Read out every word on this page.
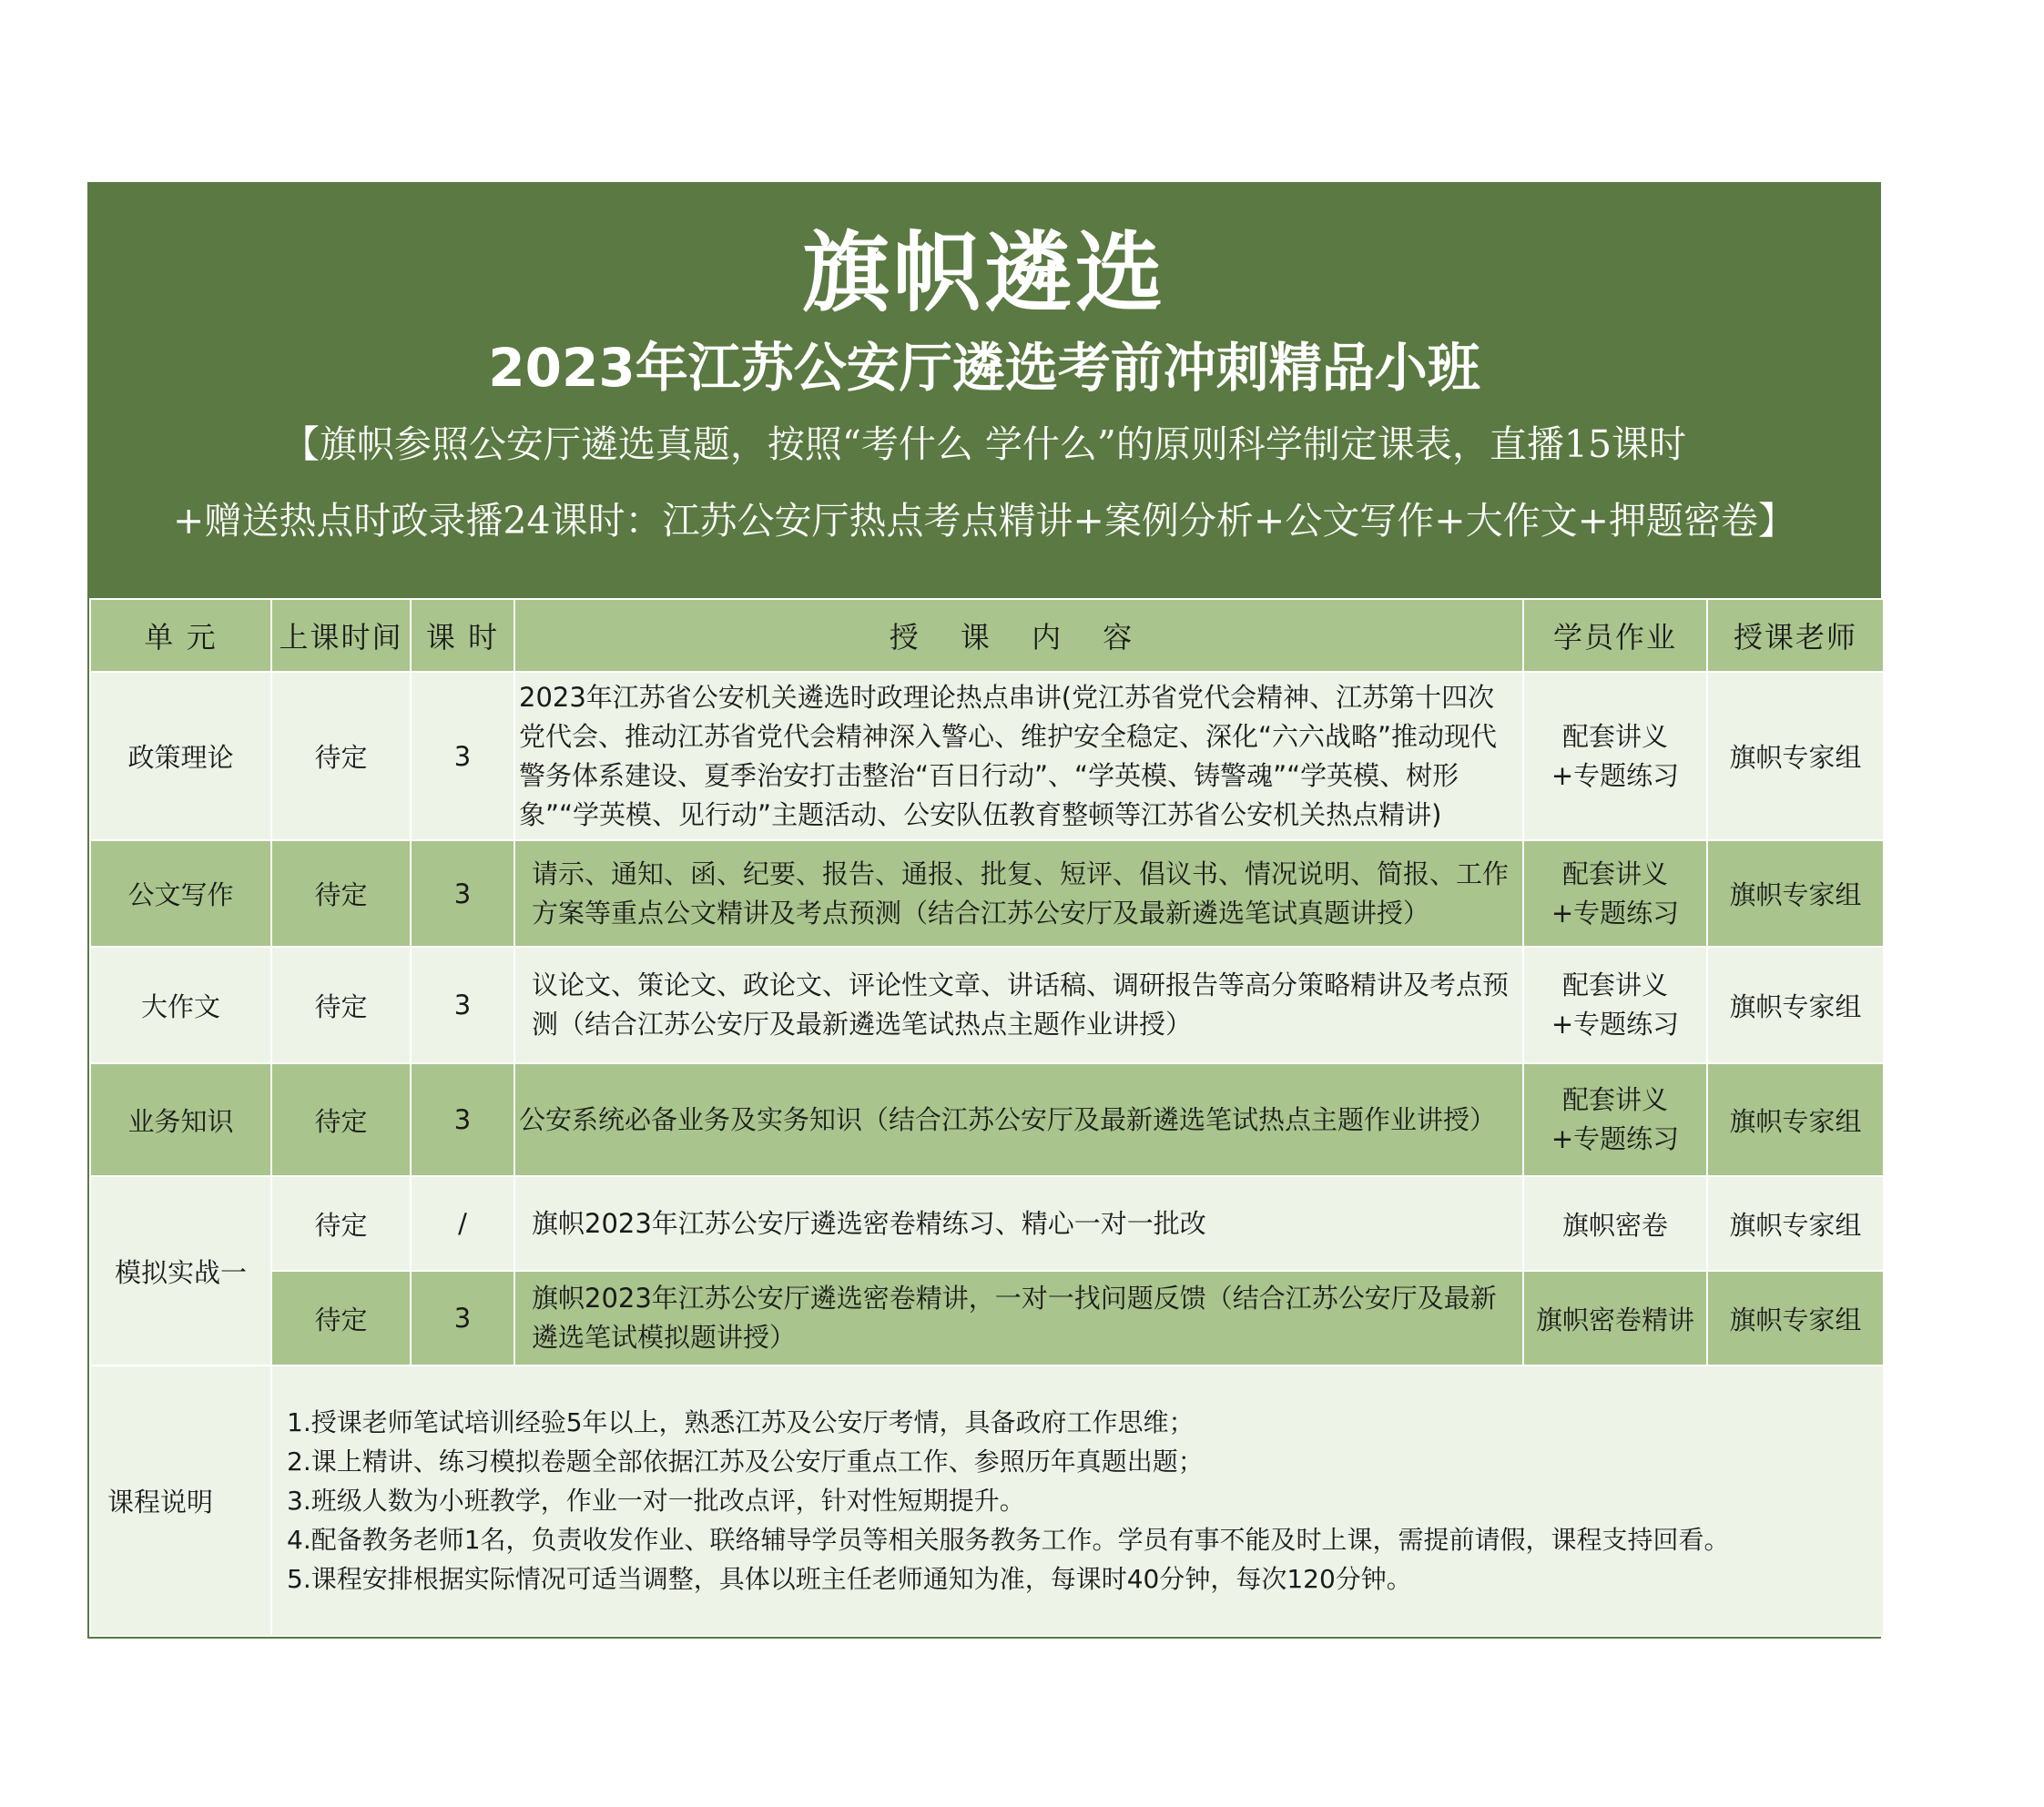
旗帜遴选
2023年江苏公安厅遴选考前冲刺精品小班
【旗帜参照公安厅遴选真题，按照“考什么 学什么”的原则科学制定课表，直播15课时
+赠送热点时政录播24课时：江苏公安厅热点考点精讲+案例分析+公文写作+大作文+押题密卷】
单 元	上课时间	课 时	授 课 内 容	学员作业	授课老师
政策理论	待定	3	2023年江苏省公安机关遴选时政理论热点串讲(党江苏省党代会精神、江苏第十四次党代会、推动江苏省党代会精神深入警心、维护安全稳定、深化“六六战略”推动现代警务体系建设、夏季治安打击整治“百日行动”、“学英模、铸警魂”“学英模、树形象”“学英模、见行动”主题活动、公安队伍教育整顿等江苏省公安机关热点精讲)	配套讲义+专题练习	旗帜专家组
公文写作	待定	3	请示、通知、函、纪要、报告、通报、批复、短评、倡议书、情况说明、简报、工作方案等重点公文精讲及考点预测（结合江苏公安厅及最新遴选笔试真题讲授）	配套讲义+专题练习	旗帜专家组
大作文	待定	3	议论文、策论文、政论文、评论性文章、讲话稿、调研报告等高分策略精讲及考点预测（结合江苏公安厅及最新遴选笔试热点主题作业讲授）	配套讲义+专题练习	旗帜专家组
业务知识	待定	3	公安系统必备业务及实务知识（结合江苏公安厅及最新遴选笔试热点主题作业讲授）	配套讲义+专题练习	旗帜专家组
模拟实战一	待定	/	旗帜2023年江苏公安厅遴选密卷精练习、精心一对一批改	旗帜密卷	旗帜专家组
	待定	3	旗帜2023年江苏公安厅遴选密卷精讲，一对一找问题反馈（结合江苏公安厅及最新遴选笔试模拟题讲授）	旗帜密卷精讲	旗帜专家组
课程说明	1.授课老师笔试培训经验5年以上，熟悉江苏及公安厅考情，具备政府工作思维；
2.课上精讲、练习模拟卷题全部依据江苏及公安厅重点工作、参照历年真题出题；
3.班级人数为小班教学，作业一对一批改点评，针对性短期提升。
4.配备教务老师1名，负责收发作业、联络辅导学员等相关服务教务工作。学员有事不能及时上课，需提前请假，课程支持回看。
5.课程安排根据实际情况可适当调整，具体以班主任老师通知为准，每课时40分钟，每次120分钟。				
